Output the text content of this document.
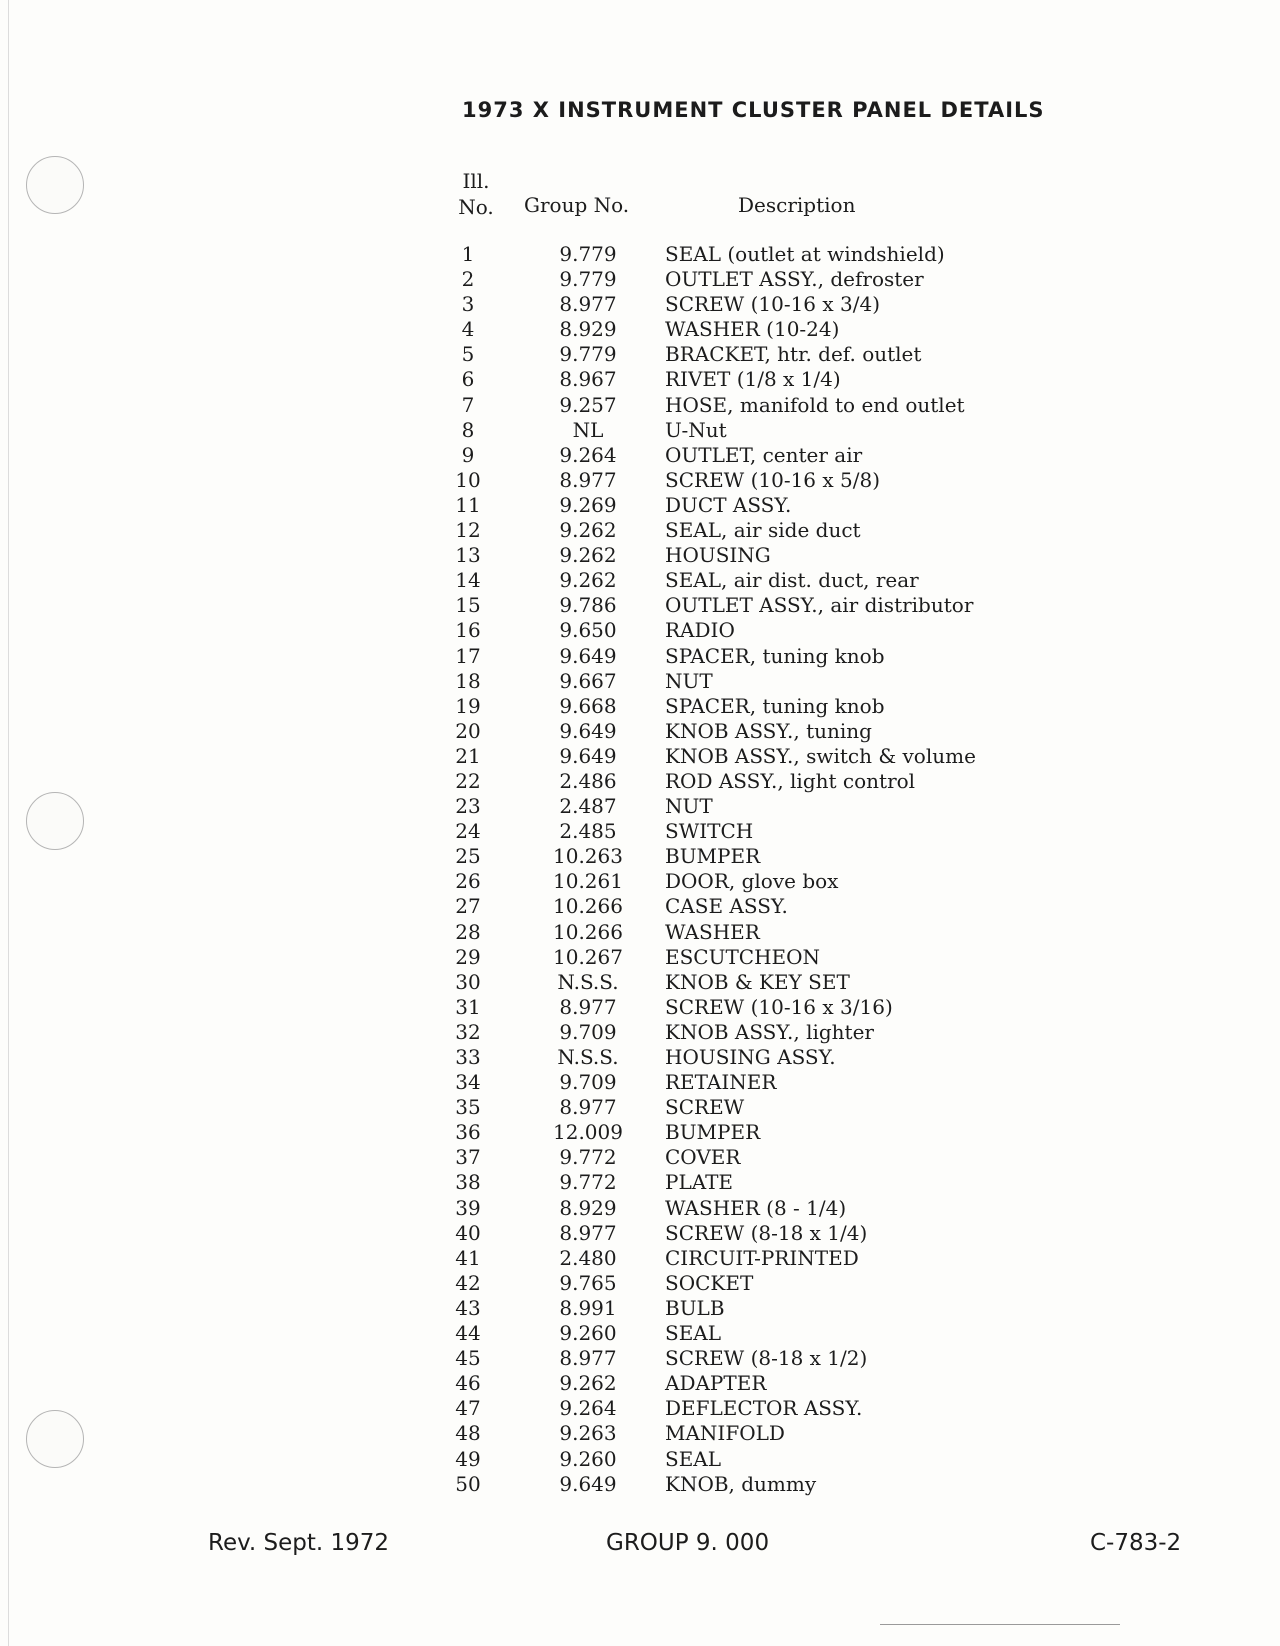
1973 X INSTRUMENT CLUSTER PANEL DETAILS
Ill.
No. Group No.	Description
1	9.779	SEAL (outlet at windshield)
2	9.779	OUTLET ASSY., defroster
3	8.977	SCREW (10-16 x 3/4)
4	8.929	WASHER (10-24)
5	9.779	BRACKET, htr. def. outlet
6	8.967	RIVET (1/8 x 1/4)
7	9.257	HOSE, manifold to end outlet
8	NL	U-Nut
9	9.264	OUTLET, center air
10	8.977	SCREW (10-16 x 5/8)
11	9.269	DUCT ASSY.
12	9.262	SEAL, air side duct
13	9.262	HOUSING
14	9.262	SEAL, air dist. duct, rear
15	9.786	OUTLET ASSY., air distributor
16	9.650	RADIO
17	9.649	SPACER, tuning knob
18	9.667	NUT
19	9.668	SPACER, tuning knob
20	9.649	KNOB ASSY., tuning
21	9.649	KNOB ASSY., switch & volume
22	2.486	ROD ASSY., light control
23	2.487	NUT
24	2.485	SWITCH
25	10.263	BUMPER
26	10.261	DOOR, glove box
27	10.266	CASE ASSY.
28	10.266	WASHER
29	10.267	ESCUTCHEON
30	N.S.S.	KNOB & KEY SET
31	8.977	SCREW (10-16 x 3/16)
32	9.709	KNOB ASSY., lighter
33	N.S.S.	HOUSING ASSY.
34	9.709	RETAINER
35	8.977	SCREW
36	12.009	BUMPER
37	9.772	COVER
38	9.772	PLATE
39	8.929	WASHER (8 - 1/4)
40	8.977	SCREW (8-18 x 1/4)
41	2.480	CIRCUIT-PRINTED
42	9.765	SOCKET
43	8.991	BULB
44	9.260	SEAL
45	8.977	SCREW (8-18 x 1/2)
46	9.262	ADAPTER
47	9.264	DEFLECTOR ASSY.
48	9.263	MANIFOLD
49	9.260	SEAL
50	9.649	KNOB, dummy
Rev. Sept. 1972	GROUP 9. 000	C-783-2
